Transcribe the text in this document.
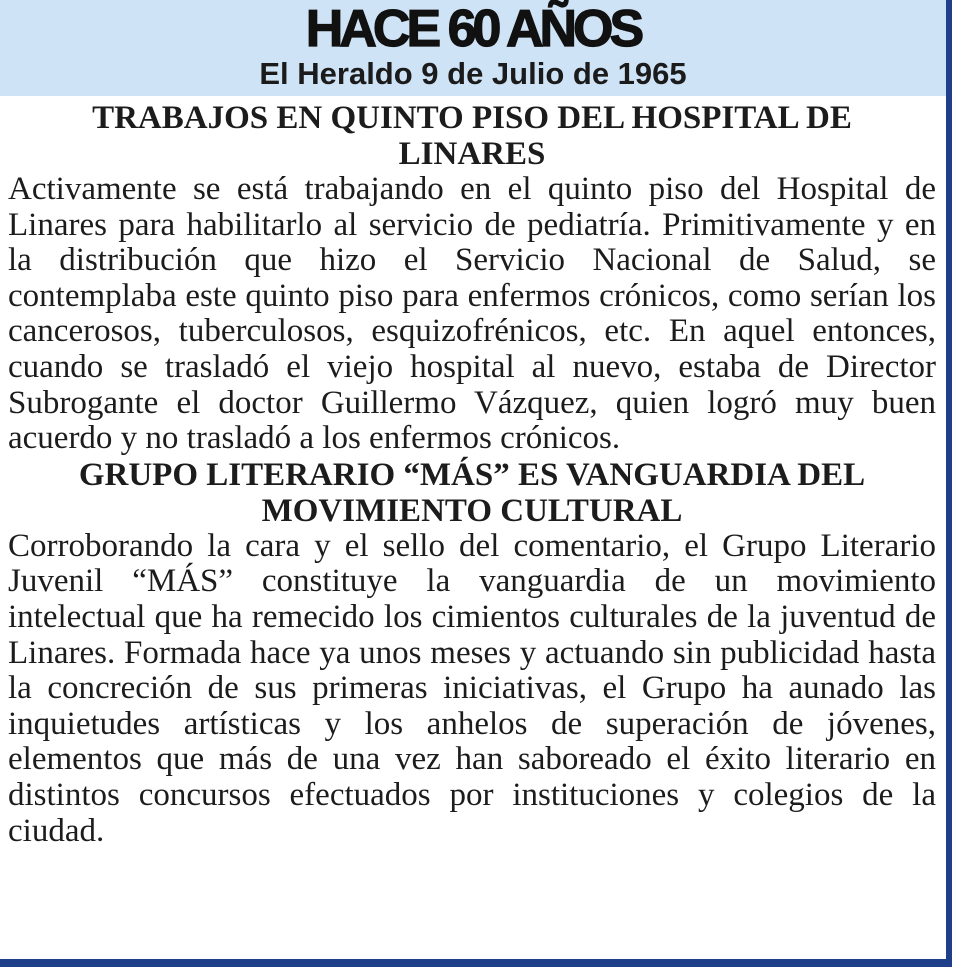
HACE 60 AÑOS
El Heraldo 9 de Julio de 1965
TRABAJOS EN QUINTO PISO DEL HOSPITAL DE LINARES

Activamente se está trabajando en el quinto piso del Hospital de Linares para habilitarlo al servicio de pediatría. Primitivamente y en la distribución que hizo el Servicio Nacional de Salud, se contemplaba este quinto piso para enfermos crónicos, como serían los cancerosos, tuberculosos, esquizofrénicos, etc. En aquel entonces, cuando se trasladó el viejo hospital al nuevo, estaba de Director Subrogante el doctor Guillermo Vázquez, quien logró muy buen acuerdo y no trasladó a los enfermos crónicos.

GRUPO LITERARIO “MÁS” ES VANGUARDIA DEL MOVIMIENTO CULTURAL

Corroborando la cara y el sello del comentario, el Grupo Literario Juvenil “MÁS” constituye la vanguardia de un movimiento intelectual que ha remecido los cimientos culturales de la juventud de Linares. Formada hace ya unos meses y actuando sin publicidad hasta la concreción de sus primeras iniciativas, el Grupo ha aunado las inquietudes artísticas y los anhelos de superación de jóvenes, elementos que más de una vez han saboreado el éxito literario en distintos concursos efectuados por instituciones y colegios de la ciudad.
